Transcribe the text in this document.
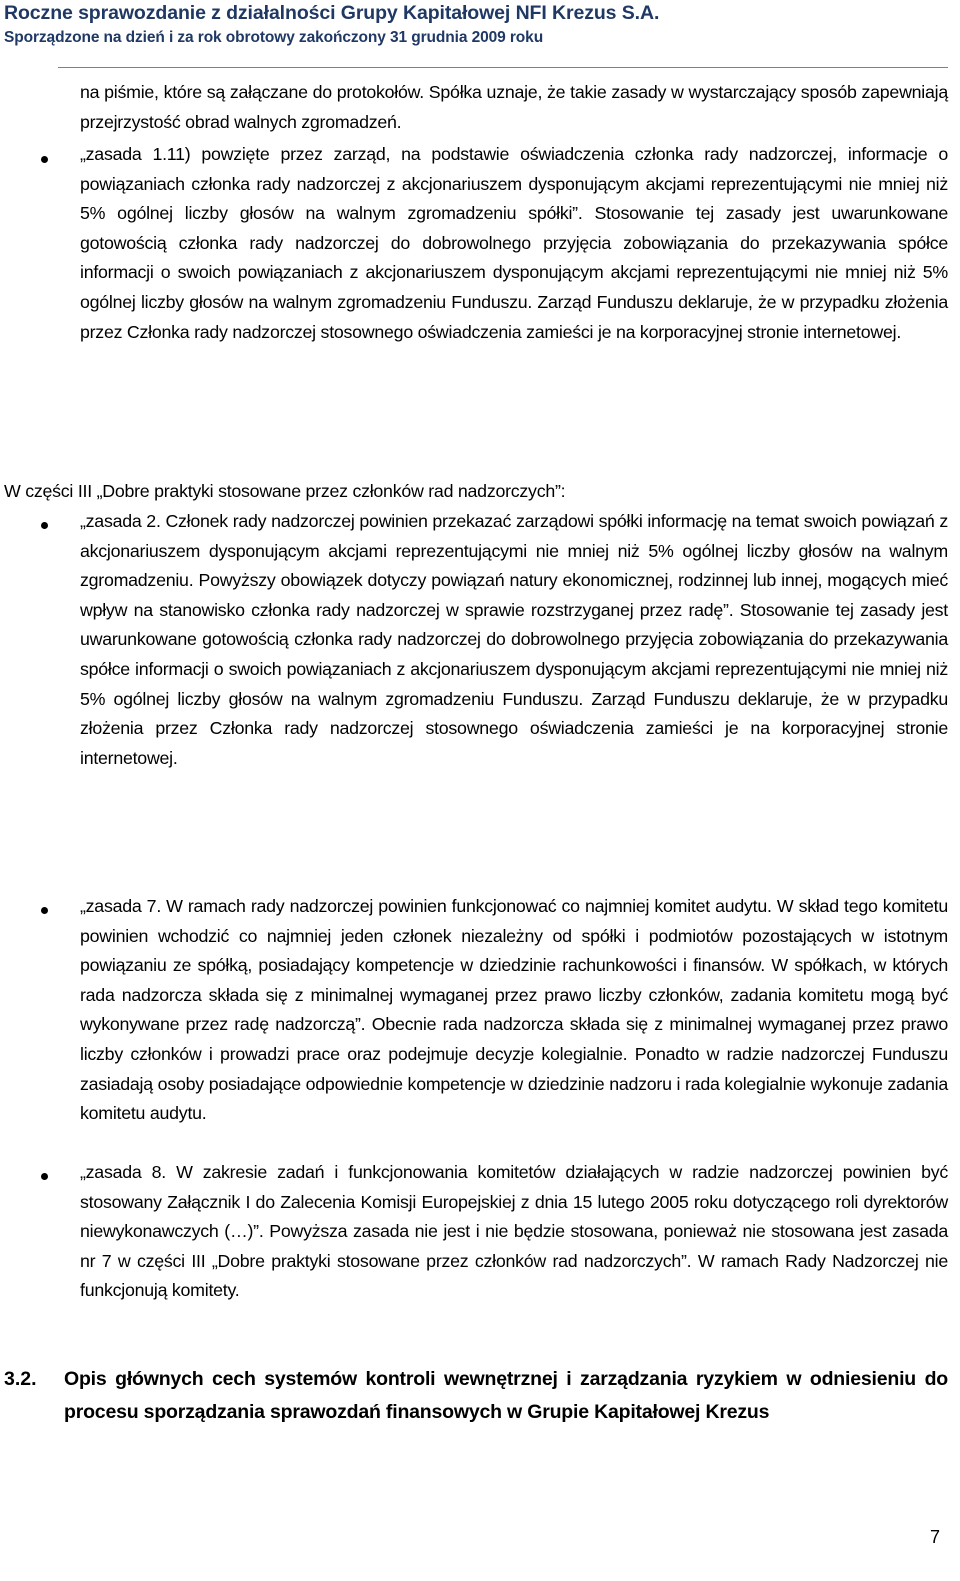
Roczne sprawozdanie z działalności Grupy Kapitałowej NFI Krezus S.A.
Sporządzone na dzień i za rok obrotowy zakończony 31 grudnia 2009 roku
na piśmie, które są załączane do protokołów. Spółka uznaje, że takie zasady w wystarczający sposób zapewniają przejrzystość obrad walnych zgromadzeń.
„zasada 1.11) powzięte przez zarząd, na podstawie oświadczenia członka rady nadzorczej, informacje o powiązaniach członka rady nadzorczej z akcjonariuszem dysponującym akcjami reprezentującymi nie mniej niż 5% ogólnej liczby głosów na walnym zgromadzeniu spółki”. Stosowanie tej zasady jest uwarunkowane gotowością członka rady nadzorczej do dobrowolnego przyjęcia zobowiązania do przekazywania spółce informacji o swoich powiązaniach z akcjonariuszem dysponującym akcjami reprezentującymi nie mniej niż 5% ogólnej liczby głosów na walnym zgromadzeniu Funduszu. Zarząd Funduszu deklaruje, że w przypadku złożenia przez Członka rady nadzorczej stosownego oświadczenia zamieści je na korporacyjnej stronie internetowej.
W części III „Dobre praktyki stosowane przez członków rad nadzorczych”:
„zasada 2. Członek rady nadzorczej powinien przekazać zarządowi spółki informację na temat swoich powiązań z akcjonariuszem dysponującym akcjami reprezentującymi nie mniej niż 5% ogólnej liczby głosów na walnym zgromadzeniu. Powyższy obowiązek dotyczy powiązań natury ekonomicznej, rodzinnej lub innej, mogących mieć wpływ na stanowisko członka rady nadzorczej w sprawie rozstrzyganej przez radę”. Stosowanie tej zasady jest uwarunkowane gotowością członka rady nadzorczej do dobrowolnego przyjęcia zobowiązania do przekazywania spółce informacji o swoich powiązaniach z akcjonariuszem dysponującym akcjami reprezentującymi nie mniej niż 5% ogólnej liczby głosów na walnym zgromadzeniu Funduszu. Zarząd Funduszu deklaruje, że w przypadku złożenia przez Członka rady nadzorczej stosownego oświadczenia zamieści je na korporacyjnej stronie internetowej.
„zasada 7. W ramach rady nadzorczej powinien funkcjonować co najmniej komitet audytu. W skład tego komitetu powinien wchodzić co najmniej jeden członek niezależny od spółki i podmiotów pozostających w istotnym powiązaniu ze spółką, posiadający kompetencje w dziedzinie rachunkowości i finansów. W spółkach, w których rada nadzorcza składa się z minimalnej wymaganej przez prawo liczby członków, zadania komitetu mogą być wykonywane przez radę nadzorczą”. Obecnie rada nadzorcza składa się z minimalnej wymaganej przez prawo liczby członków i prowadzi prace oraz podejmuje decyzje kolegialnie. Ponadto w radzie nadzorczej Funduszu zasiadają osoby posiadające odpowiednie kompetencje w dziedzinie nadzoru i rada kolegialnie wykonuje zadania komitetu audytu.
„zasada 8. W zakresie zadań i funkcjonowania komitetów działających w radzie nadzorczej powinien być stosowany Załącznik I do Zalecenia Komisji Europejskiej z dnia 15 lutego 2005 roku dotyczącego roli dyrektorów niewykonawczych (…)”. Powyższa zasada nie jest i nie będzie stosowana, ponieważ nie stosowana jest zasada nr 7 w części III „Dobre praktyki stosowane przez członków rad nadzorczych”. W ramach Rady Nadzorczej nie funkcjonują komitety.
3.2. Opis głównych cech systemów kontroli wewnętrznej i zarządzania ryzykiem w odniesieniu do procesu sporządzania sprawozdań finansowych w Grupie Kapitałowej Krezus
7
